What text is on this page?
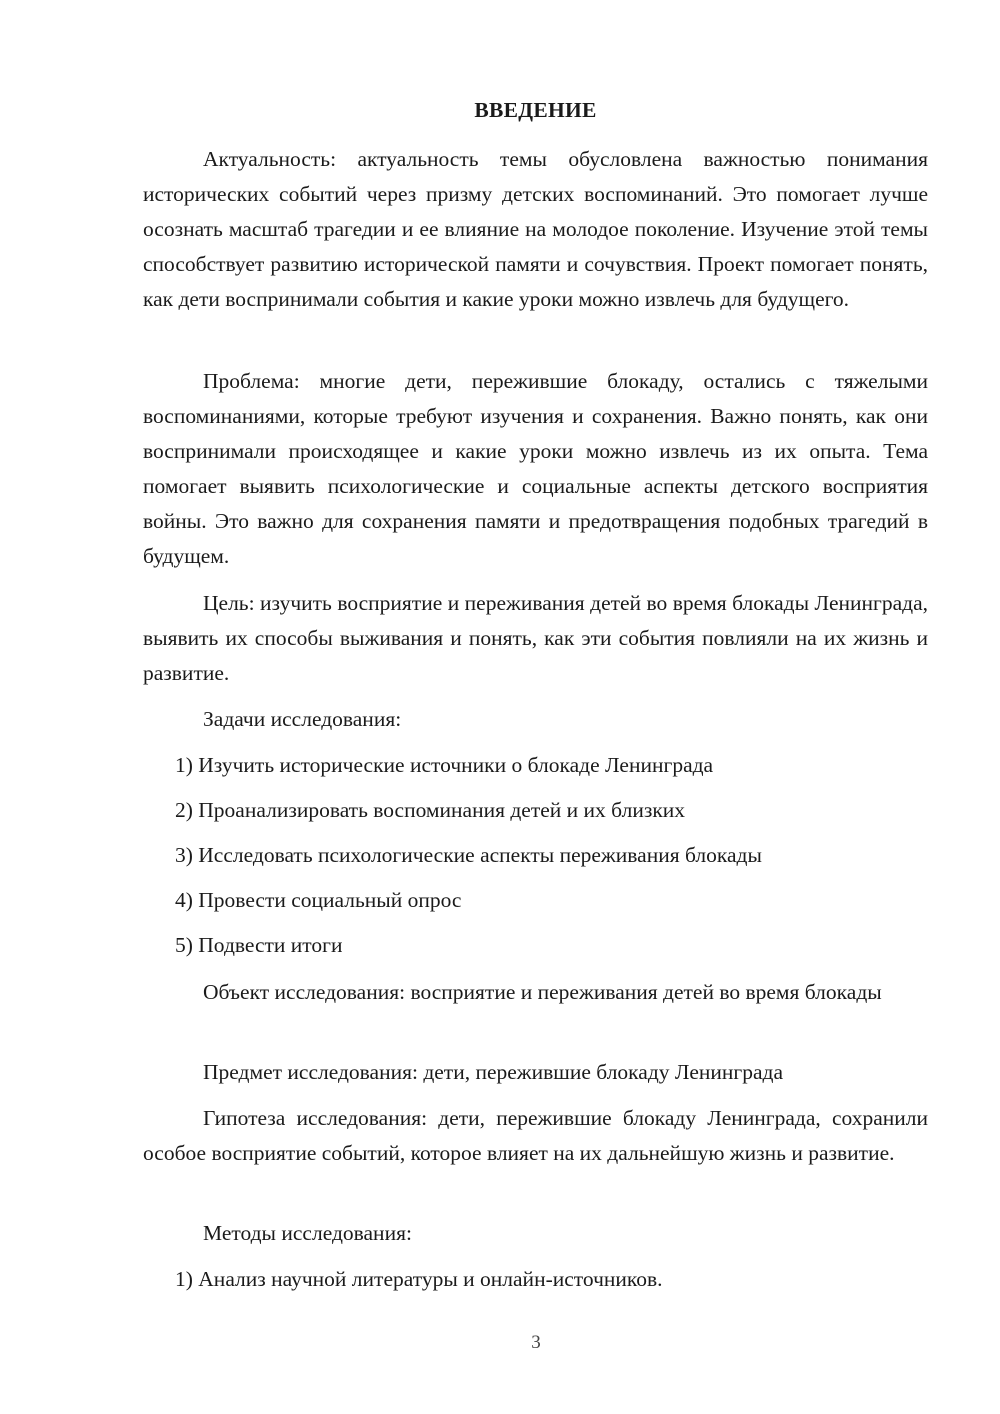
ВВЕДЕНИЕ

Актуальность: актуальность темы обусловлена важностью понимания исторических событий через призму детских воспоминаний. Это помогает лучше осознать масштаб трагедии и ее влияние на молодое поколение. Изучение этой темы способствует развитию исторической памяти и сочувствия. Проект помогает понять, как дети воспринимали события и какие уроки можно извлечь для будущего.

Проблема: многие дети, пережившие блокаду, остались с тяжелыми воспоминаниями, которые требуют изучения и сохранения. Важно понять, как они воспринимали происходящее и какие уроки можно извлечь из их опыта. Тема помогает выявить психологические и социальные аспекты детского восприятия войны. Это важно для сохранения памяти и предотвращения подобных трагедий в будущем.

Цель: изучить восприятие и переживания детей во время блокады Ленинграда, выявить их способы выживания и понять, как эти события повлияли на их жизнь и развитие.

Задачи исследования:

1) Изучить исторические источники о блокаде Ленинграда

2) Проанализировать воспоминания детей и их близких

3) Исследовать психологические аспекты переживания блокады

4) Провести социальный опрос

5) Подвести итоги

Объект исследования: восприятие и переживания детей во время блокады

Предмет исследования: дети, пережившие блокаду Ленинграда

Гипотеза исследования: дети, пережившие блокаду Ленинграда, сохранили особое восприятие событий, которое влияет на их дальнейшую жизнь и развитие.

Методы исследования:

1) Анализ научной литературы и онлайн-источников.

3
